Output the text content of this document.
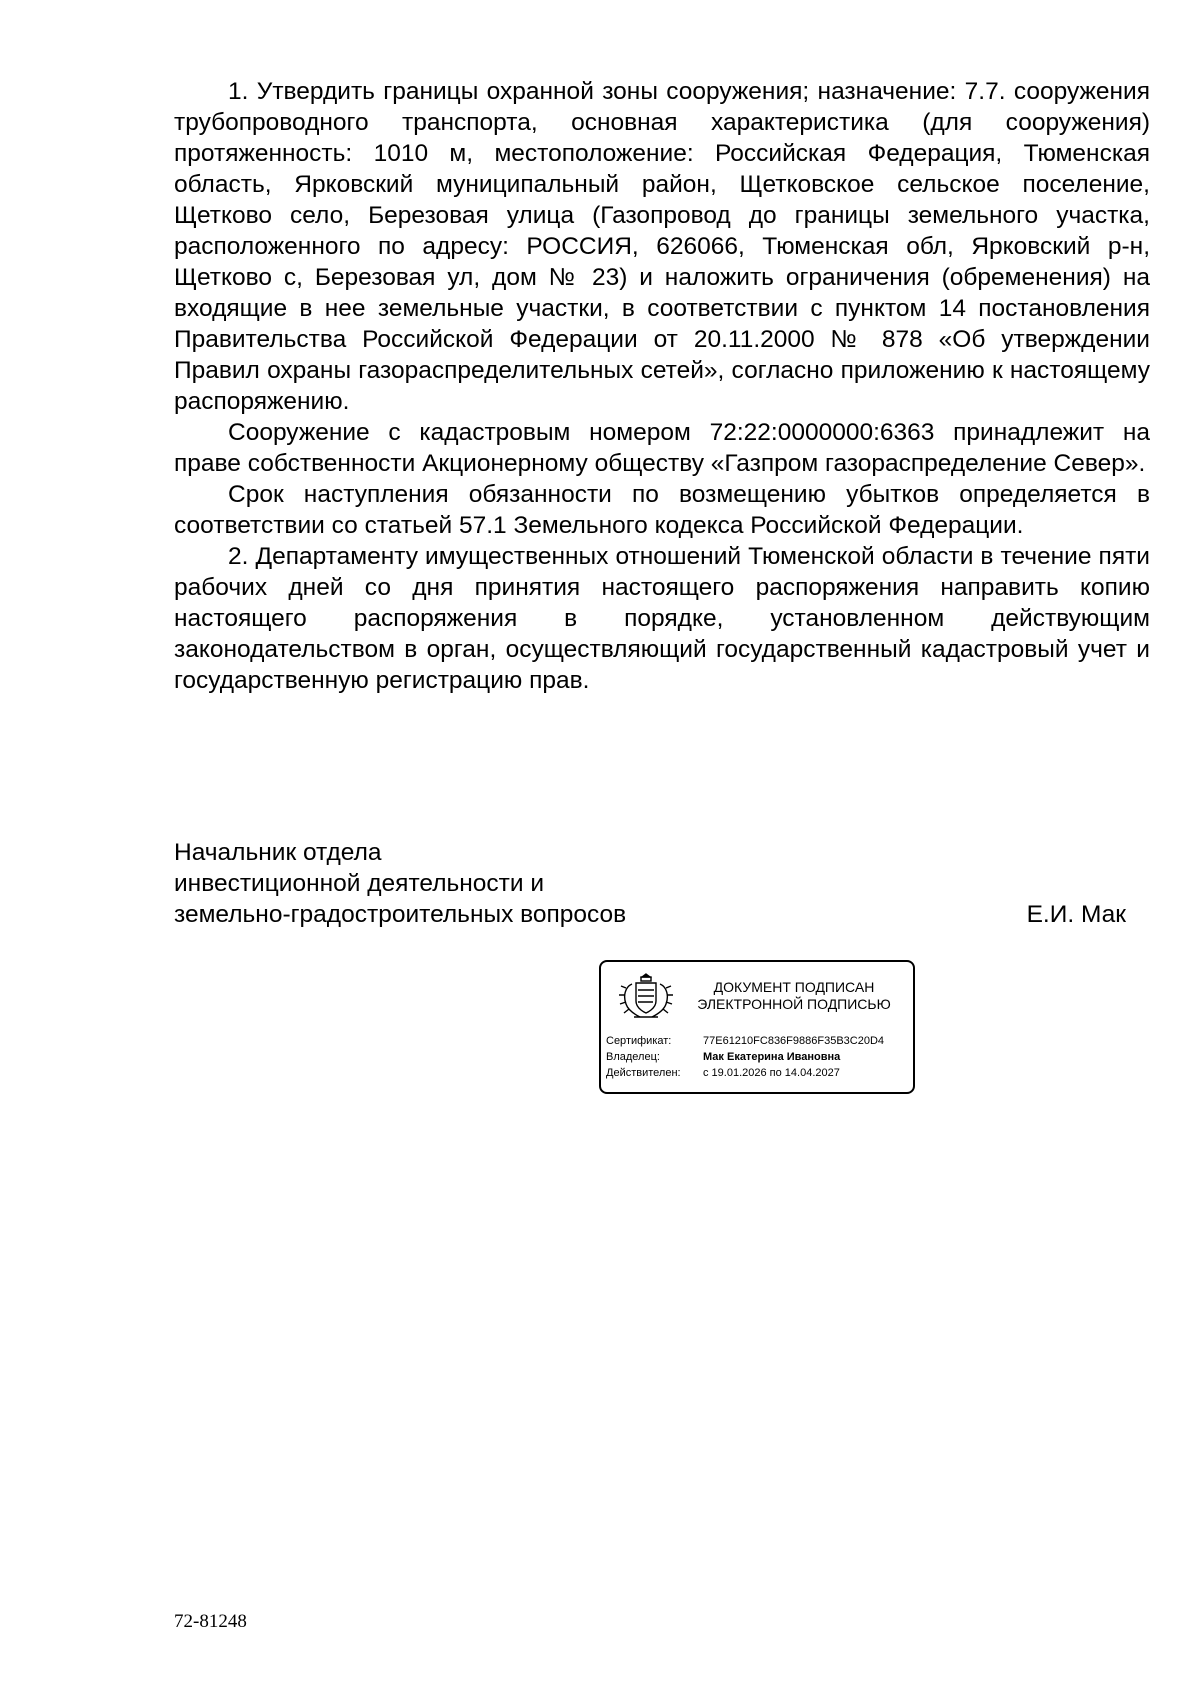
1. Утвердить границы охранной зоны сооружения; назначение: 7.7. сооружения трубопроводного транспорта, основная характеристика (для сооружения) протяженность: 1010 м, местоположение: Российская Федерация, Тюменская область, Ярковский муниципальный район, Щетковское сельское поселение, Щетково село, Березовая улица (Газопровод до границы земельного участка, расположенного по адресу: РОССИЯ, 626066, Тюменская обл, Ярковский р-н, Щетково с, Березовая ул, дом № 23) и наложить ограничения (обременения) на входящие в нее земельные участки, в соответствии с пунктом 14 постановления Правительства Российской Федерации от 20.11.2000 № 878 «Об утверждении Правил охраны газораспределительных сетей», согласно приложению к настоящему распоряжению.

Сооружение с кадастровым номером 72:22:0000000:6363 принадлежит на праве собственности Акционерному обществу «Газпром газораспределение Север».

Срок наступления обязанности по возмещению убытков определяется в соответствии со статьей 57.1 Земельного кодекса Российской Федерации.

2. Департаменту имущественных отношений Тюменской области в течение пяти рабочих дней со дня принятия настоящего распоряжения направить копию настоящего распоряжения в порядке, установленном действующим законодательством в орган, осуществляющий государственный кадастровый учет и государственную регистрацию прав.

Начальник отдела
инвестиционной деятельности и
земельно-градостроительных вопросов	Е.И. Мак
ДОКУМЕНТ ПОДПИСАН
ЭЛЕКТРОННОЙ ПОДПИСЬЮ
Сертификат:	77E61210FC836F9886F35B3C20D4
Владелец:	Мак Екатерина Ивановна
Действителен: с 19.01.2026 по 14.04.2027
72-81248
